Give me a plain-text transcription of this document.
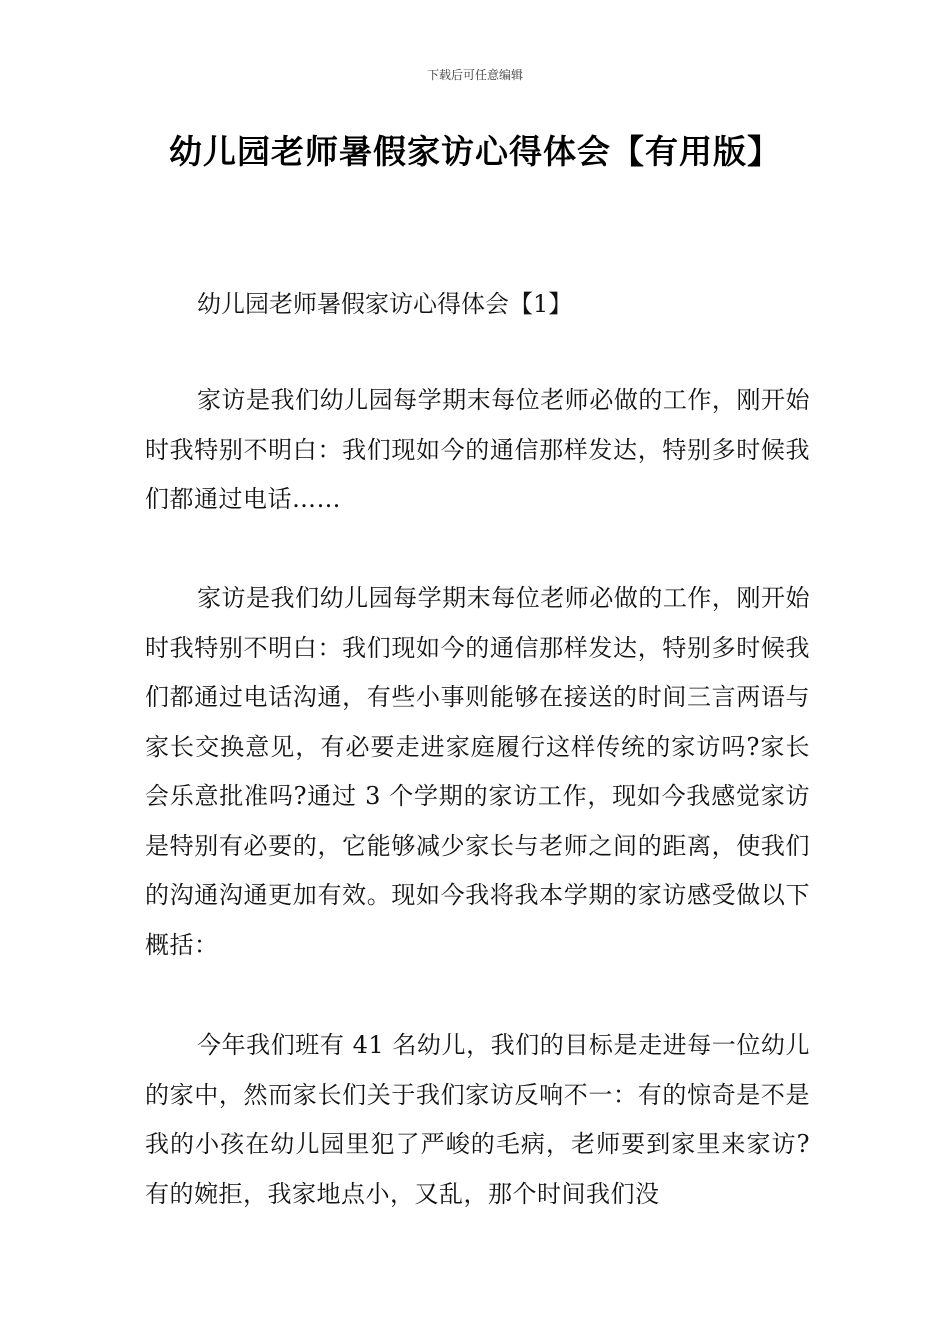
下载后可任意编辑
幼儿园老师暑假家访心得体会【有用版】

幼儿园老师暑假家访心得体会【1】

家访是我们幼儿园每学期末每位老师必做的工作，刚开始时我特别不明白：我们现如今的通信那样发达，特别多时候我们都通过电话……

家访是我们幼儿园每学期末每位老师必做的工作，刚开始时我特别不明白：我们现如今的通信那样发达，特别多时候我们都通过电话沟通，有些小事则能够在接送的时间三言两语与家长交换意见，有必要走进家庭履行这样传统的家访吗?家长会乐意批准吗?通过 3 个学期的家访工作，现如今我感觉家访是特别有必要的，它能够减少家长与老师之间的距离，使我们的沟通沟通更加有效。现如今我将我本学期的家访感受做以下概括：

今年我们班有 41 名幼儿，我们的目标是走进每一位幼儿的家中，然而家长们关于我们家访反响不一：有的惊奇是不是我的小孩在幼儿园里犯了严峻的毛病，老师要到家里来家访?有的婉拒，我家地点小，又乱，那个时间我们没
